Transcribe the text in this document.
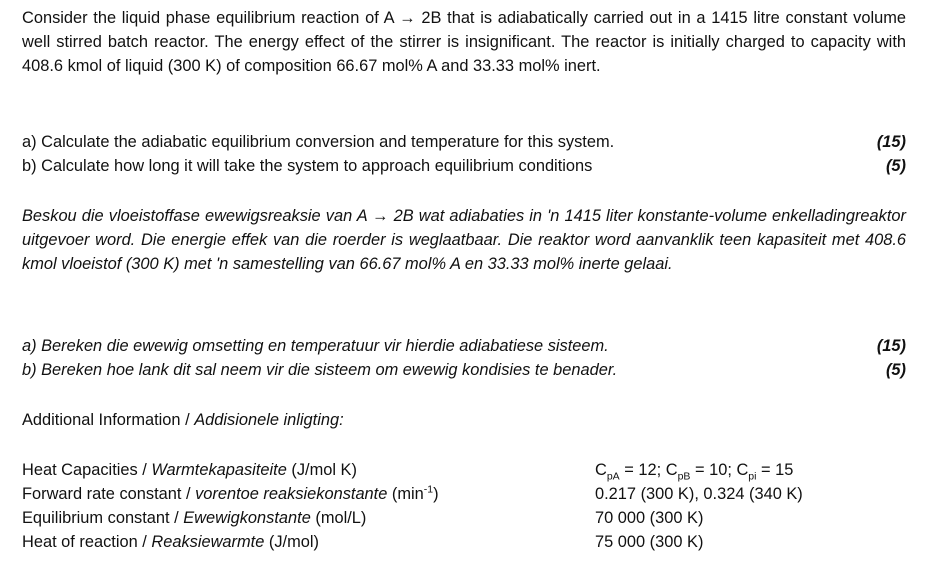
Consider the liquid phase equilibrium reaction of A → 2B that is adiabatically carried out in a 1415 litre constant volume well stirred batch reactor. The energy effect of the stirrer is insignificant. The reactor is initially charged to capacity with 408.6 kmol of liquid (300 K) of composition 66.67 mol% A and 33.33 mol% inert.

a) Calculate the adiabatic equilibrium conversion and temperature for this system.	(15)
b) Calculate how long it will take the system to approach equilibrium conditions	(5)

Beskou die vloeistoffase ewewigsreaksie van A → 2B wat adiabaties in 'n 1415 liter konstante-volume enkelladingreaktor uitgevoer word. Die energie effek van die roerder is weglaatbaar. Die reaktor word aanvanklik teen kapasiteit met 408.6 kmol vloeistof (300 K) met 'n samestelling van 66.67 mol% A en 33.33 mol% inerte gelaai.

a) Bereken die ewewig omsetting en temperatuur vir hierdie adiabatiese sisteem.	(15)
b) Bereken hoe lank dit sal neem vir die sisteem om ewewig kondisies te benader.	(5)
Additional Information / Addisionele inligting:
Heat Capacities / Warmtekapasiteite (J/mol K)	$C_{pA} = 12$; $C_{pB} = 10$; $C_{pi} = 15$
Forward rate constant / vorentoe reaksiekonstante $(\min^{-1})$	0.217 (300 K), 0.324 (340 K)
Equilibrium constant / Ewewigkonstante (mol/L)	70 000 (300 K)
Heat of reaction / Reaksiewarmte (J/mol)	75 000 (300 K)
